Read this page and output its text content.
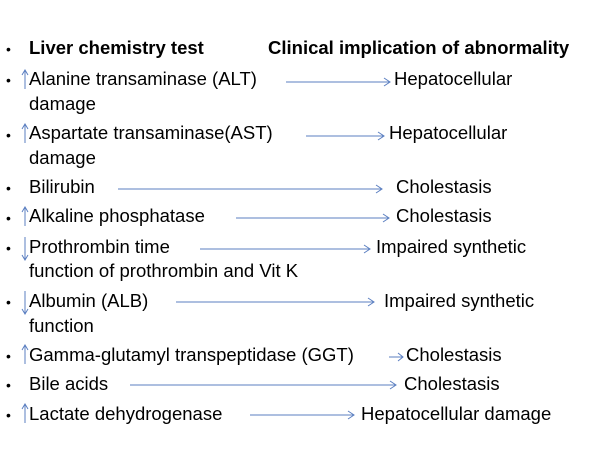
• Liver chemistry test	Clinical implication of abnormality
• Alanine transaminase (ALT)	Hepatocellular
damage
• Aspartate transaminase(AST)	Hepatocellular
damage
• Bilirubin	Cholestasis
• Alkaline phosphatase	Cholestasis
• Prothrombin time	Impaired synthetic
function of prothrombin and Vit K
• Albumin (ALB)	Impaired synthetic
function
• Gamma-glutamyl transpeptidase (GGT)	Cholestasis
• Bile acids	Cholestasis
• Lactate dehydrogenase	Hepatocellular damage
